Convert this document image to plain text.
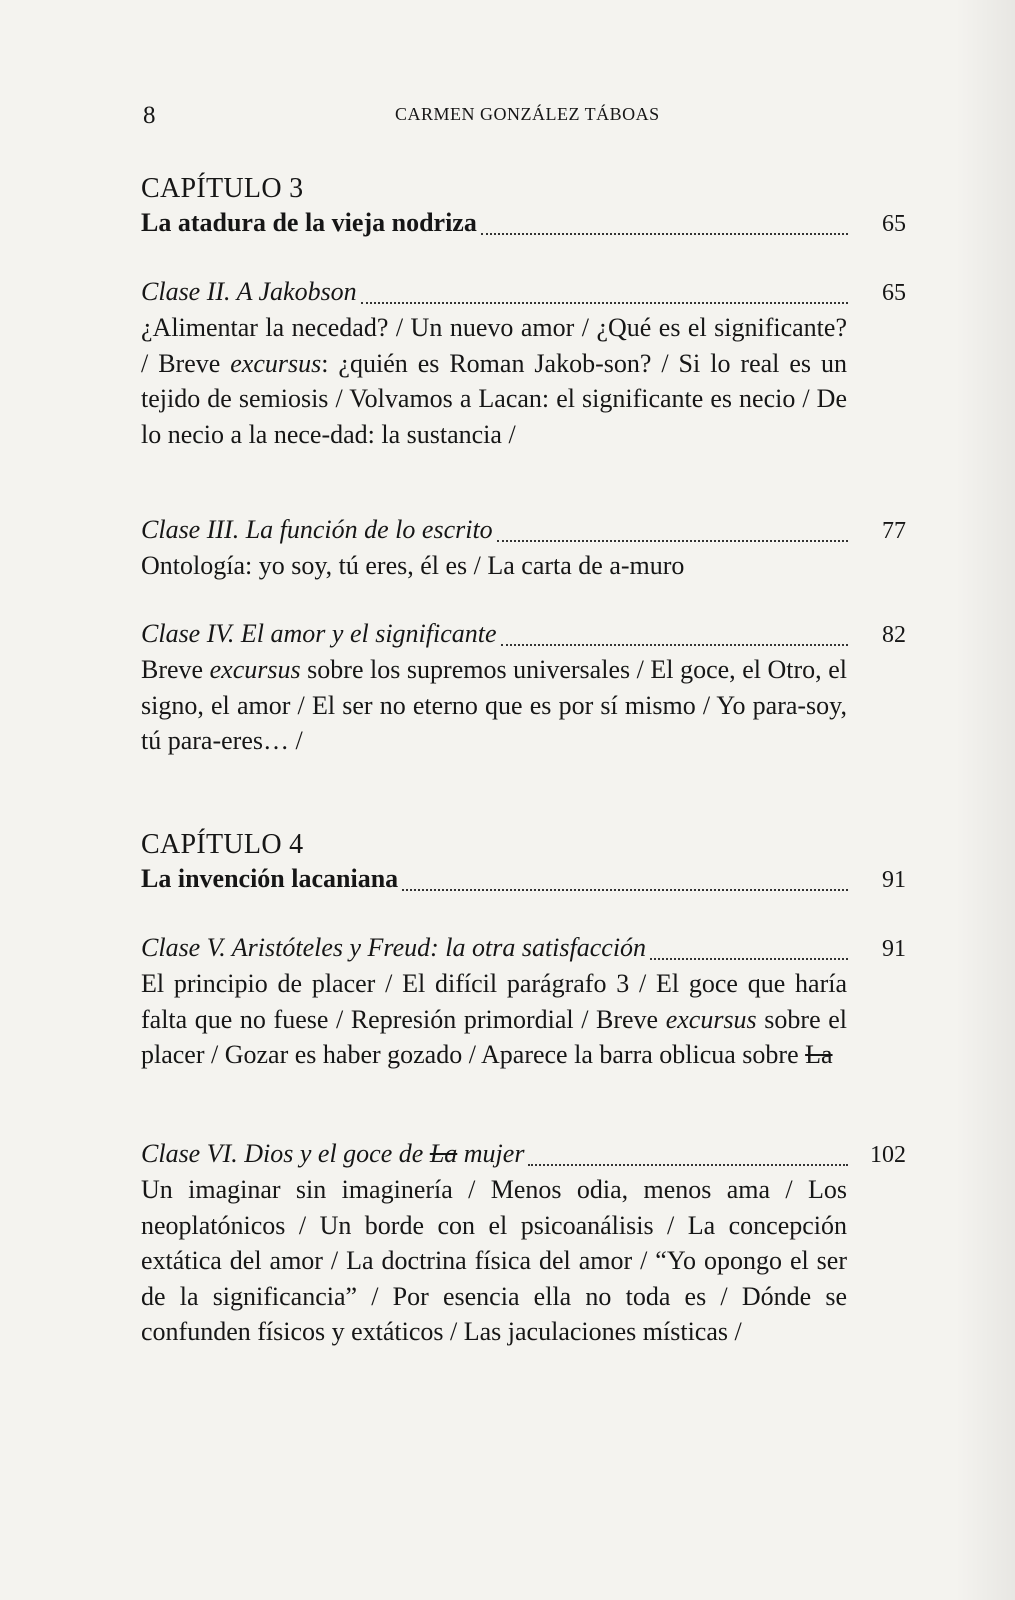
8	CARMEN GONZÁLEZ TÁBOAS
CAPÍTULO 3
La atadura de la vieja nodriza	65
Clase II. A Jakobson	65
¿Alimentar la necedad? / Un nuevo amor / ¿Qué es el significante? / Breve excursus: ¿quién es Roman Jakob-son? / Si lo real es un tejido de semiosis / Volvamos a Lacan: el significante es necio / De lo necio a la nece-dad: la sustancia /
Clase III. La función de lo escrito	77
Ontología: yo soy, tú eres, él es / La carta de a-muro
Clase IV. El amor y el significante	82
Breve excursus sobre los supremos universales / El goce, el Otro, el signo, el amor / El ser no eterno que es por sí mismo / Yo para-soy, tú para-eres… /
CAPÍTULO 4
La invención lacaniana	91
Clase V. Aristóteles y Freud: la otra satisfacción	91
El principio de placer / El difícil parágrafo 3 / El goce que haría falta que no fuese / Represión primordial / Breve excursus sobre el placer / Gozar es haber gozado / Aparece la barra oblicua sobre La
Clase VI. Dios y el goce de La mujer	102
Un imaginar sin imaginería / Menos odia, menos ama / Los neoplatónicos / Un borde con el psicoanálisis / La concepción extática del amor / La doctrina física del amor / “Yo opongo el ser de la significancia” / Por esencia ella no toda es / Dónde se confunden físicos y extáticos / Las jaculaciones místicas /
